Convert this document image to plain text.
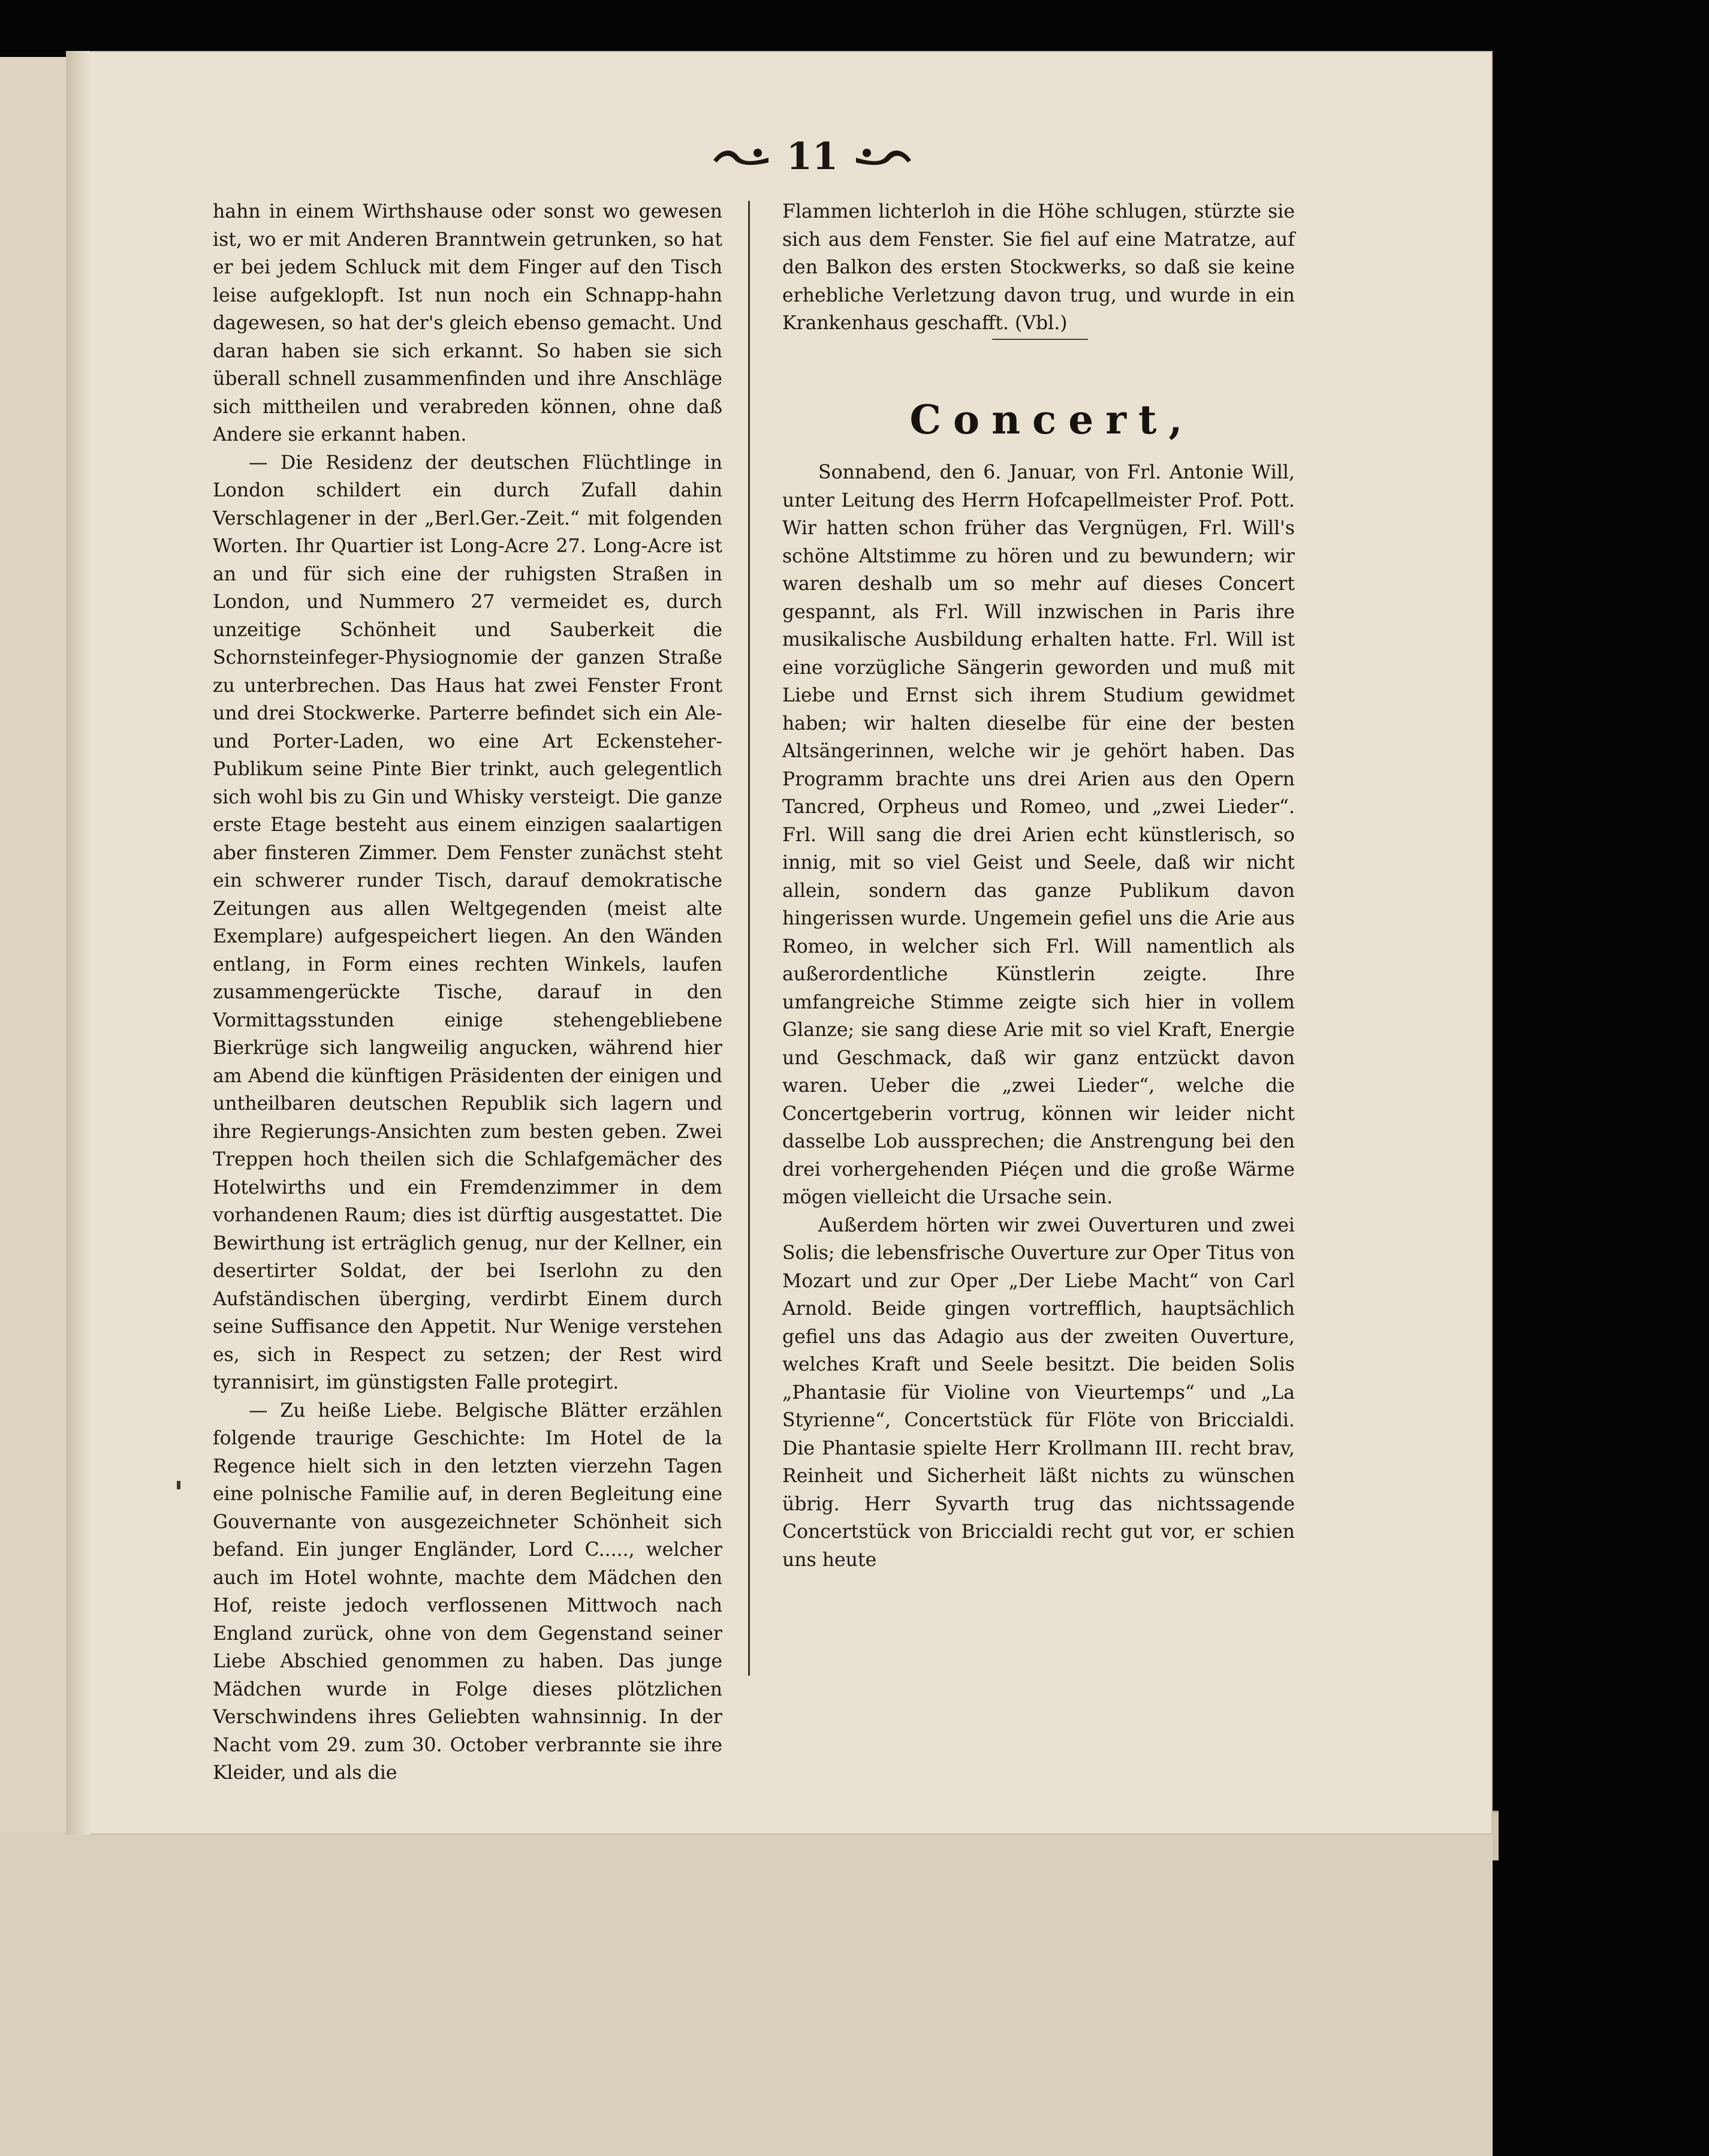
11

hahn in einem Wirthshause oder sonst wo gewesen ist, wo er mit Anderen Branntwein getrunken, so hat er bei jedem Schluck mit dem Finger auf den Tisch leise aufgeklopft. Ist nun noch ein Schnapp-hahn dagewesen, so hat der's gleich ebenso gemacht. Und daran haben sie sich erkannt. So haben sie sich überall schnell zusammenfinden und ihre Anschläge sich mittheilen und verabreden können, ohne daß Andere sie erkannt haben.

— Die Residenz der deutschen Flüchtlinge in London schildert ein durch Zufall dahin Verschlagener in der „Berl.Ger.-Zeit.“ mit folgenden Worten. Ihr Quartier ist Long-Acre 27. Long-Acre ist an und für sich eine der ruhigsten Straßen in London, und Nummero 27 vermeidet es, durch unzeitige Schönheit und Sauberkeit die Schornsteinfeger-Physiognomie der ganzen Straße zu unterbrechen. Das Haus hat zwei Fenster Front und drei Stockwerke. Parterre befindet sich ein Ale- und Porter-Laden, wo eine Art Eckensteher-Publikum seine Pinte Bier trinkt, auch gelegentlich sich wohl bis zu Gin und Whisky versteigt. Die ganze erste Etage besteht aus einem einzigen saalartigen aber finsteren Zimmer. Dem Fenster zunächst steht ein schwerer runder Tisch, darauf demokratische Zeitungen aus allen Weltgegenden (meist alte Exemplare) aufgespeichert liegen. An den Wänden entlang, in Form eines rechten Winkels, laufen zusammengerückte Tische, darauf in den Vormittagsstunden einige stehengebliebene Bierkrüge sich langweilig angucken, während hier am Abend die künftigen Präsidenten der einigen und untheilbaren deutschen Republik sich lagern und ihre Regierungs-Ansichten zum besten geben. Zwei Treppen hoch theilen sich die Schlafgemächer des Hotelwirths und ein Fremdenzimmer in dem vorhandenen Raum; dies ist dürftig ausgestattet. Die Bewirthung ist erträglich genug, nur der Kellner, ein desertirter Soldat, der bei Iserlohn zu den Aufständischen überging, verdirbt Einem durch seine Suffisance den Appetit. Nur Wenige verstehen es, sich in Respect zu setzen; der Rest wird tyrannisirt, im günstigsten Falle protegirt.

— Zu heiße Liebe. Belgische Blätter erzählen folgende traurige Geschichte: Im Hotel de la Regence hielt sich in den letzten vierzehn Tagen eine polnische Familie auf, in deren Begleitung eine Gouvernante von ausgezeichneter Schönheit sich befand. Ein junger Engländer, Lord C....., welcher auch im Hotel wohnte, machte dem Mädchen den Hof, reiste jedoch verflossenen Mittwoch nach England zurück, ohne von dem Gegenstand seiner Liebe Abschied genommen zu haben. Das junge Mädchen wurde in Folge dieses plötzlichen Verschwindens ihres Geliebten wahnsinnig. In der Nacht vom 29. zum 30. October verbrannte sie ihre Kleider, und als die

Flammen lichterloh in die Höhe schlugen, stürzte sie sich aus dem Fenster. Sie fiel auf eine Matratze, auf den Balkon des ersten Stockwerks, so daß sie keine erhebliche Verletzung davon trug, und wurde in ein Krankenhaus geschafft. (Vbl.)

Concert,

Sonnabend, den 6. Januar, von Frl. Antonie Will, unter Leitung des Herrn Hofcapellmeister Prof. Pott. Wir hatten schon früher das Vergnügen, Frl. Will's schöne Altstimme zu hören und zu bewundern; wir waren deshalb um so mehr auf dieses Concert gespannt, als Frl. Will inzwischen in Paris ihre musikalische Ausbildung erhalten hatte. Frl. Will ist eine vorzügliche Sängerin geworden und muß mit Liebe und Ernst sich ihrem Studium gewidmet haben; wir halten dieselbe für eine der besten Altsängerinnen, welche wir je gehört haben. Das Programm brachte uns drei Arien aus den Opern Tancred, Orpheus und Romeo, und „zwei Lieder“. Frl. Will sang die drei Arien echt künstlerisch, so innig, mit so viel Geist und Seele, daß wir nicht allein, sondern das ganze Publikum davon hingerissen wurde. Ungemein gefiel uns die Arie aus Romeo, in welcher sich Frl. Will namentlich als außerordentliche Künstlerin zeigte. Ihre umfangreiche Stimme zeigte sich hier in vollem Glanze; sie sang diese Arie mit so viel Kraft, Energie und Geschmack, daß wir ganz entzückt davon waren. Ueber die „zwei Lieder“, welche die Concertgeberin vortrug, können wir leider nicht dasselbe Lob aussprechen; die Anstrengung bei den drei vorhergehenden Piéçen und die große Wärme mögen vielleicht die Ursache sein.

Außerdem hörten wir zwei Ouverturen und zwei Solis; die lebensfrische Ouverture zur Oper Titus von Mozart und zur Oper „Der Liebe Macht“ von Carl Arnold. Beide gingen vortrefflich, hauptsächlich gefiel uns das Adagio aus der zweiten Ouverture, welches Kraft und Seele besitzt. Die beiden Solis „Phantasie für Violine von Vieurtemps“ und „La Styrienne“, Concertstück für Flöte von Briccialdi. Die Phantasie spielte Herr Krollmann III. recht brav, Reinheit und Sicherheit läßt nichts zu wünschen übrig. Herr Syvarth trug das nichtssagende Concertstück von Briccialdi recht gut vor, er schien uns heute
